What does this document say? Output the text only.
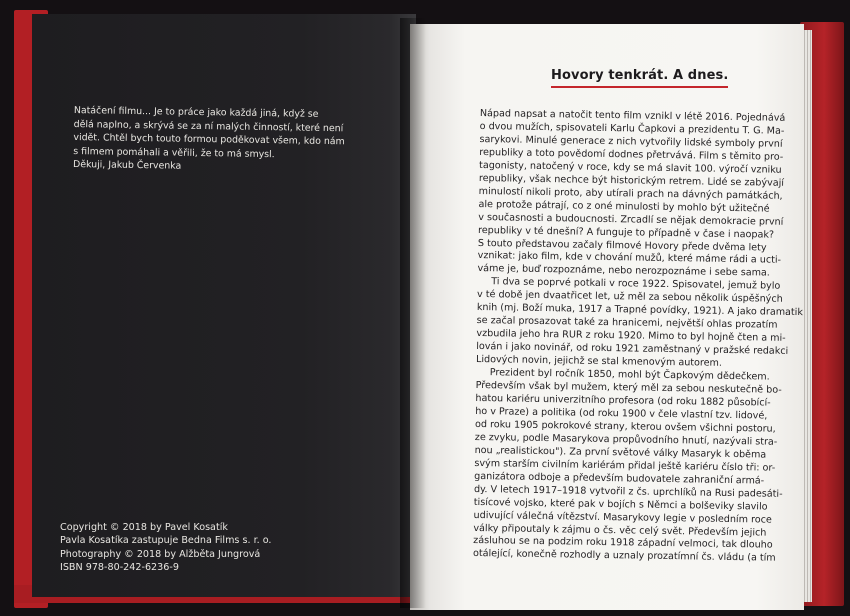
Natáčení filmu... Je to práce jako každá jiná, když se

dělá naplno, a skrývá se za ní malých činností, které není

vidět. Chtěl bych touto formou poděkovat všem, kdo nám

s filmem pomáhali a věřili, že to má smysl.

Děkuji, Jakub Červenka

Copyright © 2018 by Pavel Kosatík

Pavla Kosatíka zastupuje Bedna Films s. r. o.

Photography © 2018 by Alžběta Jungrová

ISBN 978-80-242-6236-9

Hovory tenkrát. A dnes.

Nápad napsat a natočit tento film vznikl v létě 2016. Pojednává

o dvou mužích, spisovateli Karlu Čapkovi a prezidentu T. G. Ma-

sarykovi. Minulé generace z nich vytvořily lidské symboly první

republiky a toto povědomí dodnes přetrvává. Film s těmito pro-

tagonisty, natočený v roce, kdy se má slavit 100. výročí vzniku

republiky, však nechce být historickým retrem. Lidé se zabývají

minulostí nikoli proto, aby utírali prach na dávných památkách,

ale protože pátrají, co z oné minulosti by mohlo být užitečné

v současnosti a budoucnosti. Zrcadlí se nějak demokracie první

republiky v té dnešní? A funguje to případně v čase i naopak?

S touto představou začaly filmové Hovory přede dvěma lety

vznikat: jako film, kde v chování mužů, které máme rádi a ucti-

váme je, buď rozpoznáme, nebo nerozpoznáme i sebe sama.

Ti dva se poprvé potkali v roce 1922. Spisovatel, jemuž bylo

v té době jen dvaatřicet let, už měl za sebou několik úspěšných

knih (mj. Boží muka, 1917 a Trapné povídky, 1921). A jako dramatik

se začal prosazovat také za hranicemi, největší ohlas prozatím

vzbudila jeho hra RUR z roku 1920. Mimo to byl hojně čten a mi-

lován i jako novinář, od roku 1921 zaměstnaný v pražské redakci

Lidových novin, jejichž se stal kmenovým autorem.

Prezident byl ročník 1850, mohl být Čapkovým dědečkem.

Především však byl mužem, který měl za sebou neskutečně bo-

hatou kariéru univerzitního profesora (od roku 1882 působící-

ho v Praze) a politika (od roku 1900 v čele vlastní tzv. lidové,

od roku 1905 pokrokové strany, kterou ovšem všichni postoru,

ze zvyku, podle Masarykova propůvodního hnutí, nazývali stra-

nou „realistickou"). Za první světové války Masaryk k oběma

svým starším civilním kariérám přidal ještě kariéru číslo tři: or-

ganizátora odboje a především budovatele zahraniční armá-

dy. V letech 1917–1918 vytvořil z čs. uprchlíků na Rusi padesáti-

tisícové vojsko, které pak v bojích s Němci a bolševiky slavilo

udivující válečná vítězství. Masarykovy legie v posledním roce

války připoutaly k zájmu o čs. věc celý svět. Především jejich

zásluhou se na podzim roku 1918 západní velmoci, tak dlouho

otálející, konečně rozhodly a uznaly prozatímní čs. vládu (a tím
